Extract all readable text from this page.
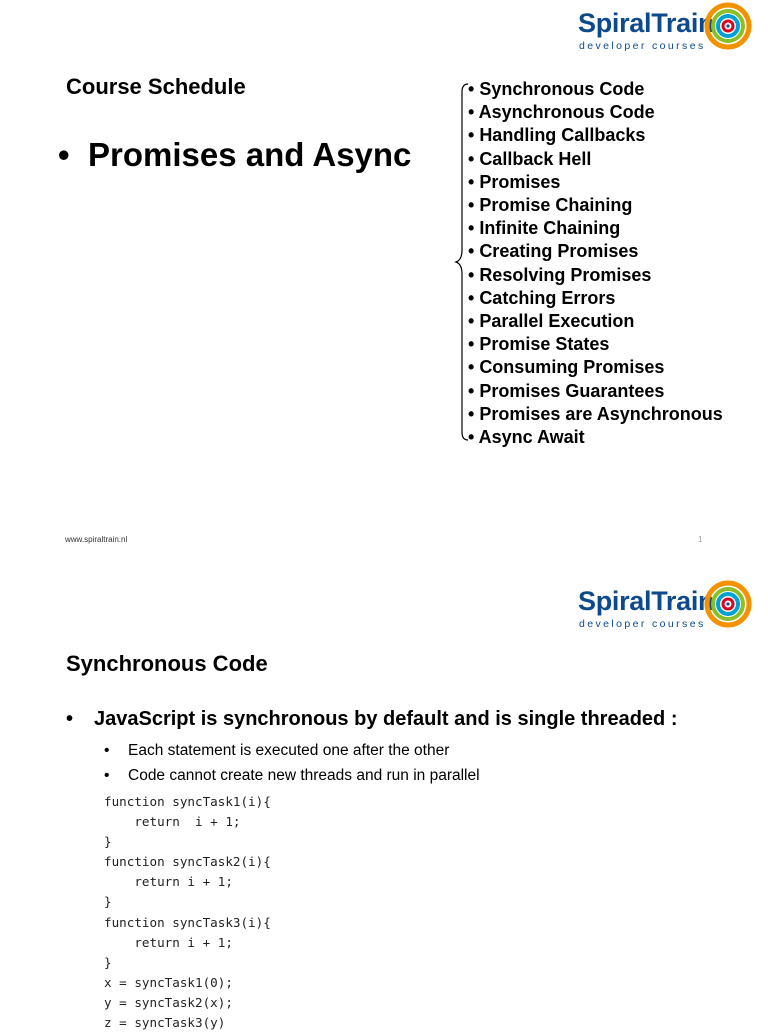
SpiralTrain
developer courses
Course Schedule
• Promises and Async
• Synchronous Code
• Asynchronous Code
• Handling Callbacks
• Callback Hell
• Promises
• Promise Chaining
• Infinite Chaining
• Creating Promises
• Resolving Promises
• Catching Errors
• Parallel Execution
• Promise States
• Consuming Promises
• Promises Guarantees
• Promises are Asynchronous
• Async Await
www.spiraltrain.nl	1
SpiralTrain
developer courses
Synchronous Code
• JavaScript is synchronous by default and is single threaded :
• Each statement is executed one after the other
• Code cannot create new threads and run in parallel
function syncTask1(i){
return  i + 1;
}
function syncTask2(i){
return i + 1;
}
function syncTask3(i){
return i + 1;
}
x = syncTask1(0);
y = syncTask2(x);
z = syncTask3(y)
